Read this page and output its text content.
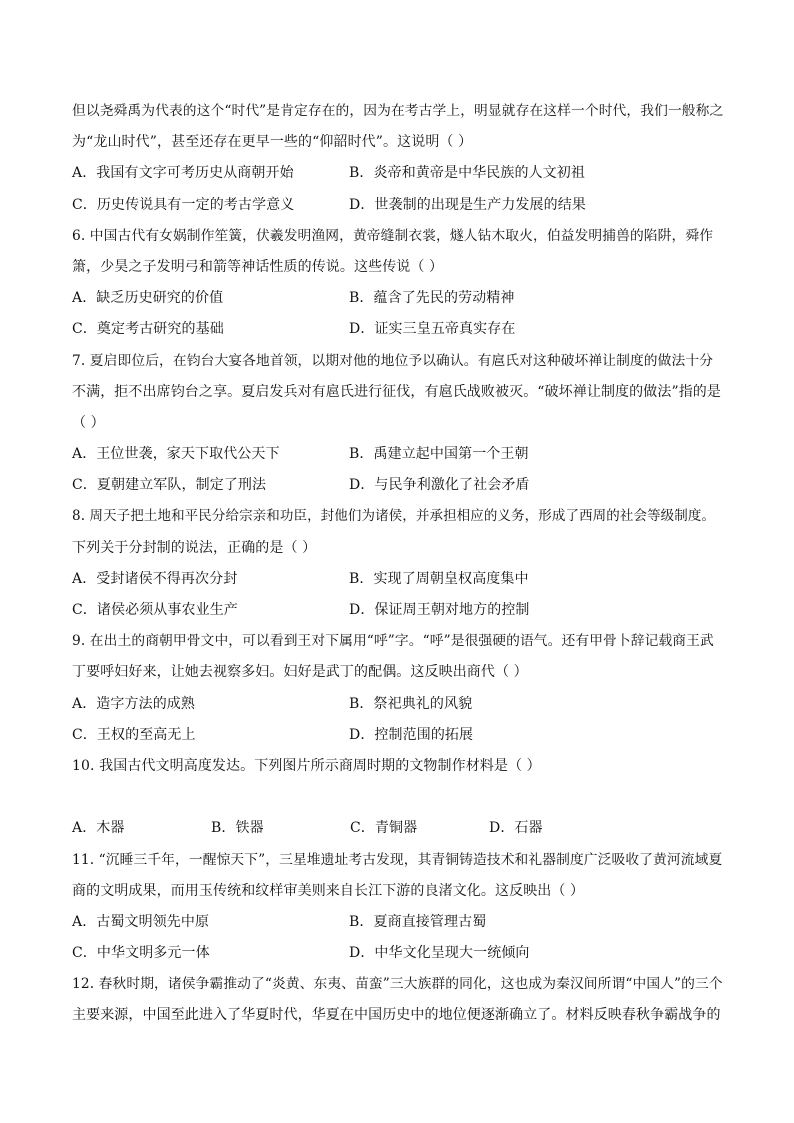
但以尧舜禹为代表的这个“时代”是肯定存在的，因为在考古学上，明显就存在这样一个时代，我们一般称之
为“龙山时代”，甚至还存在更早一些的“仰韶时代”。这说明（ ）
A．我国有文字可考历史从商朝开始	B．炎帝和黄帝是中华民族的人文初祖
C．历史传说具有一定的考古学意义	D．世袭制的出现是生产力发展的结果
6. 中国古代有女娲制作笙簧，伏羲发明渔网，黄帝缝制衣裳，燧人钻木取火，伯益发明捕兽的陷阱，舜作
箫，少昊之子发明弓和箭等神话性质的传说。这些传说（ ）
A．缺乏历史研究的价值	B．蕴含了先民的劳动精神
C．奠定考古研究的基础	D．证实三皇五帝真实存在
7. 夏启即位后，在钧台大宴各地首领，以期对他的地位予以确认。有扈氏对这种破坏禅让制度的做法十分
不满，拒不出席钧台之享。夏启发兵对有扈氏进行征伐，有扈氏战败被灭。“破坏禅让制度的做法”指的是
（ ）
A．王位世袭，家天下取代公天下	B．禹建立起中国第一个王朝
C．夏朝建立军队，制定了刑法	D．与民争利激化了社会矛盾
8. 周天子把土地和平民分给宗亲和功臣，封他们为诸侯，并承担相应的义务，形成了西周的社会等级制度。
下列关于分封制的说法，正确的是（ ）
A．受封诸侯不得再次分封	B．实现了周朝皇权高度集中
C．诸侯必须从事农业生产	D．保证周王朝对地方的控制
9. 在出土的商朝甲骨文中，可以看到王对下属用“呼”字。“呼”是很强硬的语气。还有甲骨卜辞记载商王武
丁要呼妇好来，让她去视察多妇。妇好是武丁的配偶。这反映出商代（ ）
A．造字方法的成熟	B．祭祀典礼的风貌
C．王权的至高无上	D．控制范围的拓展
10. 我国古代文明高度发达。下列图片所示商周时期的文物制作材料是（ ）
A．木器	B．铁器	C．青铜器	D．石器
11. “沉睡三千年，一醒惊天下”，三星堆遗址考古发现，其青铜铸造技术和礼器制度广泛吸收了黄河流域夏
商的文明成果，而用玉传统和纹样审美则来自长江下游的良渚文化。这反映出（ ）
A．古蜀文明领先中原	B．夏商直接管理古蜀
C．中华文明多元一体	D．中华文化呈现大一统倾向
12. 春秋时期，诸侯争霸推动了“炎黄、东夷、苗蛮”三大族群的同化，这也成为秦汉间所谓“中国人”的三个
主要来源，中国至此进入了华夏时代，华夏在中国历史中的地位便逐渐确立了。材料反映春秋争霸战争的
